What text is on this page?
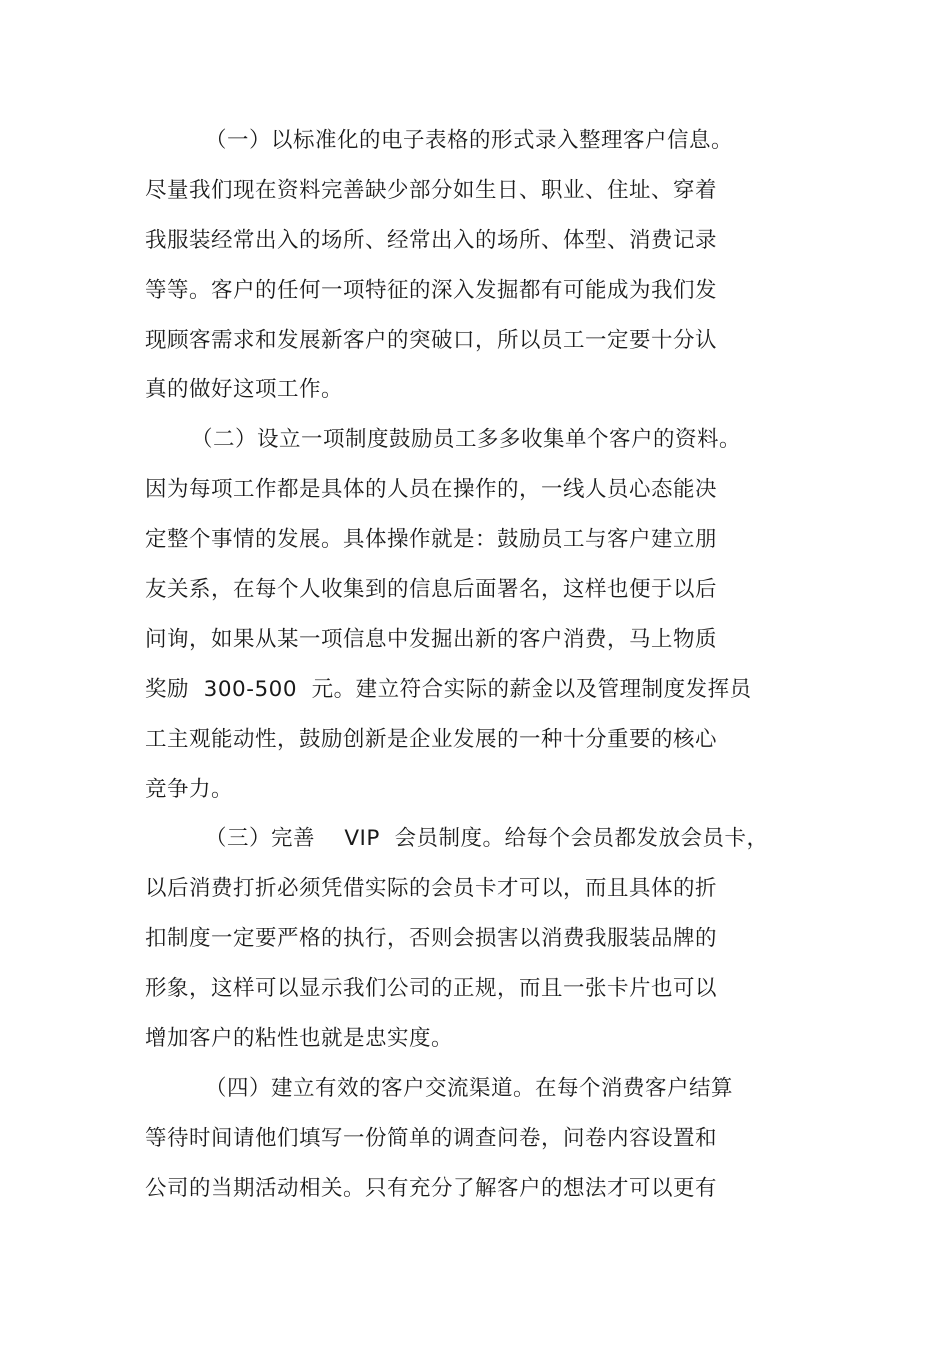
（一）以标准化的电子表格的形式录入整理客户信息。
尽量我们现在资料完善缺少部分如生日、职业、住址、穿着
我服装经常出入的场所、经常出入的场所、体型、消费记录
等等。客户的任何一项特征的深入发掘都有可能成为我们发
现顾客需求和发展新客户的突破口，所以员工一定要十分认
真的做好这项工作。
（二）设立一项制度鼓励员工多多收集单个客户的资料。
因为每项工作都是具体的人员在操作的，一线人员心态能决
定整个事情的发展。具体操作就是：鼓励员工与客户建立朋
友关系，在每个人收集到的信息后面署名，这样也便于以后
问询，如果从某一项信息中发掘出新的客户消费，马上物质
奖励  300-500  元。建立符合实际的薪金以及管理制度发挥员
工主观能动性，鼓励创新是企业发展的一种十分重要的核心
竞争力。
（三）完善    VIP  会员制度。给每个会员都发放会员卡，
以后消费打折必须凭借实际的会员卡才可以，而且具体的折
扣制度一定要严格的执行，否则会损害以消费我服装品牌的
形象，这样可以显示我们公司的正规，而且一张卡片也可以
增加客户的粘性也就是忠实度。
（四）建立有效的客户交流渠道。在每个消费客户结算
等待时间请他们填写一份简单的调查问卷，问卷内容设置和
公司的当期活动相关。只有充分了解客户的想法才可以更有
